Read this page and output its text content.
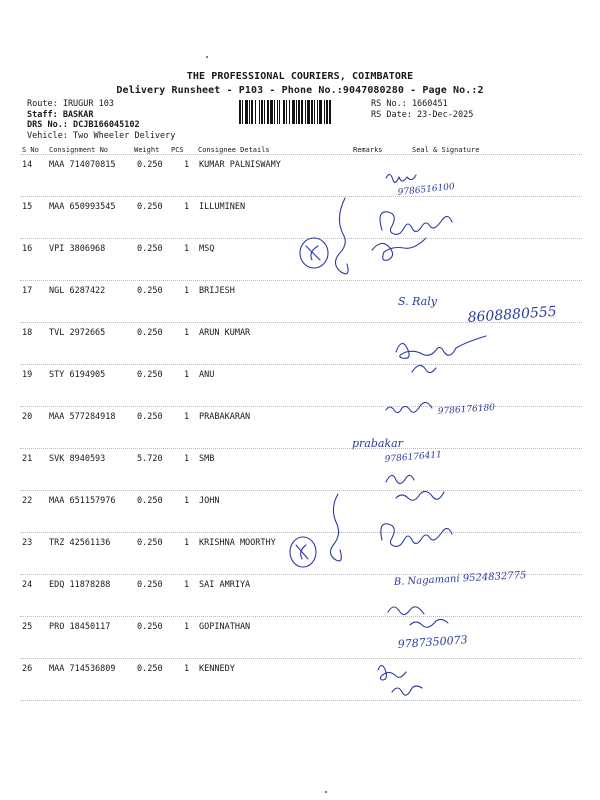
THE PROFESSIONAL COURIERS, COIMBATORE
Delivery Runsheet - P103 - Phone No.:9047080280 - Page No.:2
Route: IRUGUR 103
Staff: BASKAR
DRS No.: DCJB166045102
Vehicle: Two Wheeler Delivery
RS No.: 1660451
RS Date: 23-Dec-2025
S No Consignment No	Weight PCS Consignee Details	Remarks	Seal & Signature
14 MAA 714070815	0.250	1 KUMAR PALNISWAMY
15 MAA 650993545	0.250	1 ILLUMINEN
16 VPI 3806968	0.250	1 MSQ
17 NGL 6287422	0.250	1 BRIJESH
18 TVL 2972665	0.250	1 ARUN KUMAR
19 STY 6194905	0.250	1 ANU
20 MAA 577284918	0.250	1 PRABAKARAN
21 SVK 8940593	5.720	1 SMB
22 MAA 651157976	0.250	1 JOHN
23 TRZ 42561136	0.250	1 KRISHNA MOORTHY
24 EDQ 11878288	0.250	1 SAI AMRIYA
25 PRO 18450117	0.250	1 GOPINATHAN
26 MAA 714536809	0.250	1 KENNEDY
9786516100
S. Raly
8608880555
9786176180
prabakar
9786176411
B. Nagamani 9524832775
9787350073
